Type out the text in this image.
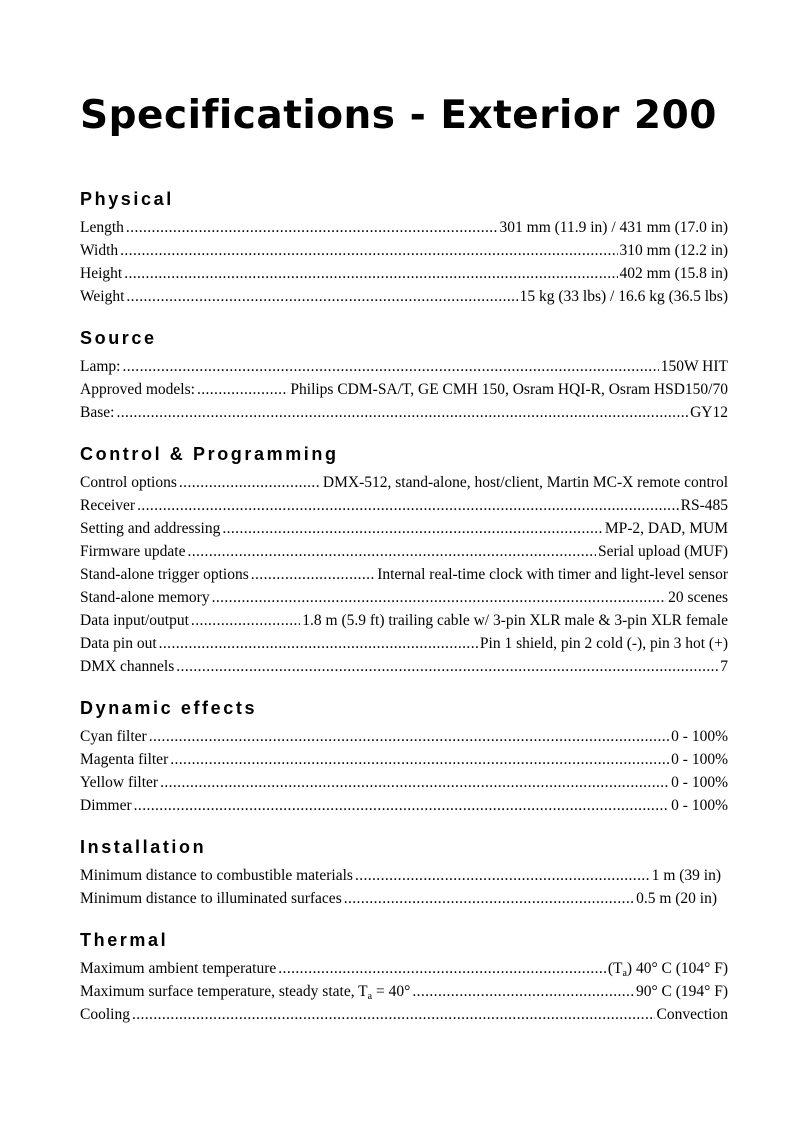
Specifications - Exterior 200
Physical
Length .....	301 mm (11.9 in) / 431 mm (17.0 in)
Width .....	310 mm (12.2 in)
Height .....	402 mm (15.8 in)
Weight .....	15 kg (33 lbs) / 16.6 kg (36.5 lbs)
Source
Lamp: .....	150W HIT
Approved models: .....	Philips CDM-SA/T, GE CMH 150, Osram HQI-R, Osram HSD150/70
Base: .....	GY12
Control & Programming
Control options .....	DMX-512, stand-alone, host/client, Martin MC-X remote control
Receiver .....	RS-485
Setting and addressing .....	MP-2, DAD, MUM
Firmware update .....	Serial upload (MUF)
Stand-alone trigger options .....	Internal real-time clock with timer and light-level sensor
Stand-alone memory .....	20 scenes
Data input/output .....	1.8 m (5.9 ft) trailing cable w/ 3-pin XLR male & 3-pin XLR female
Data pin out .....	Pin 1 shield, pin 2 cold (-), pin 3 hot (+)
DMX channels .....	7
Dynamic effects
Cyan filter .....	0 - 100%
Magenta filter .....	0 - 100%
Yellow filter .....	0 - 100%
Dimmer .....	0 - 100%
Installation
Minimum distance to combustible materials .....	1 m (39 in)
Minimum distance to illuminated surfaces .....	0.5 m (20 in)
Thermal
Maximum ambient temperature .....	$(T_a)$ 40° C (104° F)
Maximum surface temperature, steady state, $T_a = 40^\circ$ .....	90° C (194° F)
Cooling .....	Convection
